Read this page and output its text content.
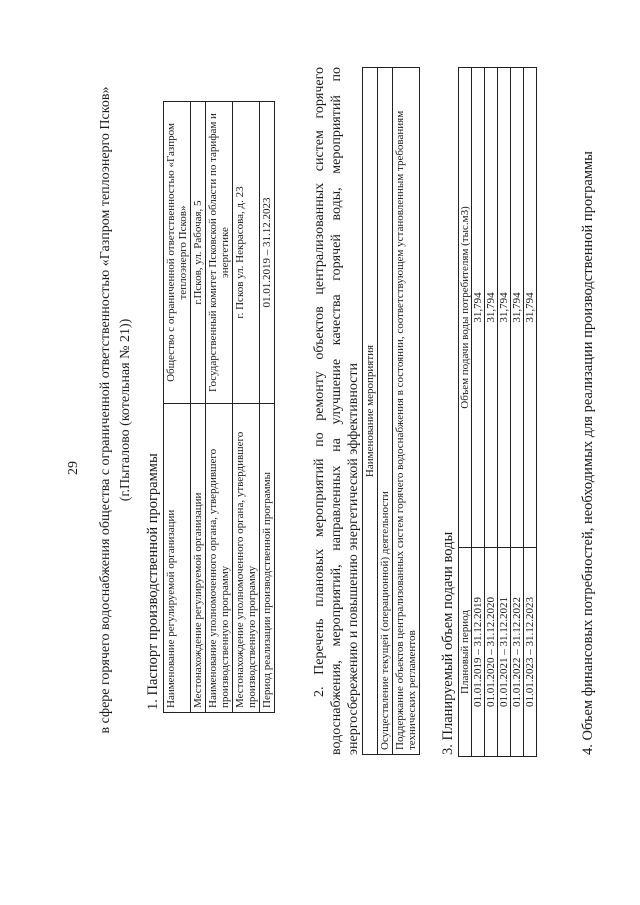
29 в сфере горячего водоснабжения общества с ограниченной ответственностью «Газпром теплоэнерго Псков» (г.Пыталово (котельная № 21))
1. Паспорт производственной программы Наименование регулируемой организации	Общество с ограниченной ответственностью «Газпром теплоэнерго Псков»
Местонахождение регулируемой организации	г.Псков, ул. Рабочая, 5
Наименование уполномоченного органа, утвердившего производственную программу	Государственный комитет Псковской области по тарифам и энергетике
Местонахождение уполномоченного органа, утвердившего производственную программу	г. Псков ул. Некрасова, д. 23
Период реализации производственной программы	01.01.2019 – 31.12.2023	2. Перечень плановых мероприятий по ремонту объектов централизованных систем горячего водоснабжения, мероприятий, направленных на улучшение качества горячей воды, мероприятий по энергосбережению и повышению энергетической эффективности Наименование мероприятия
Осуществление текущей (операционной) деятельности
Поддержание объектов централизованных систем горячего водоснабжения в состоянии, соответствующем установленным требованиям технических регламентов 3. Планируемый объем подачи воды Плановый период	Объем подачи воды потребителям (тыс.м3)
01.01.2019 – 31.12.2019	31,794
01.01.2020 – 31.12.2020	31,794
01.01.2021 – 31.12.2021	31,794
01.01.2022 – 31.12.2022	31,794
01.01.2023 – 31.12.2023	31,794	4. Объем финансовых потребностей, необходимых для реализации производственной программы
